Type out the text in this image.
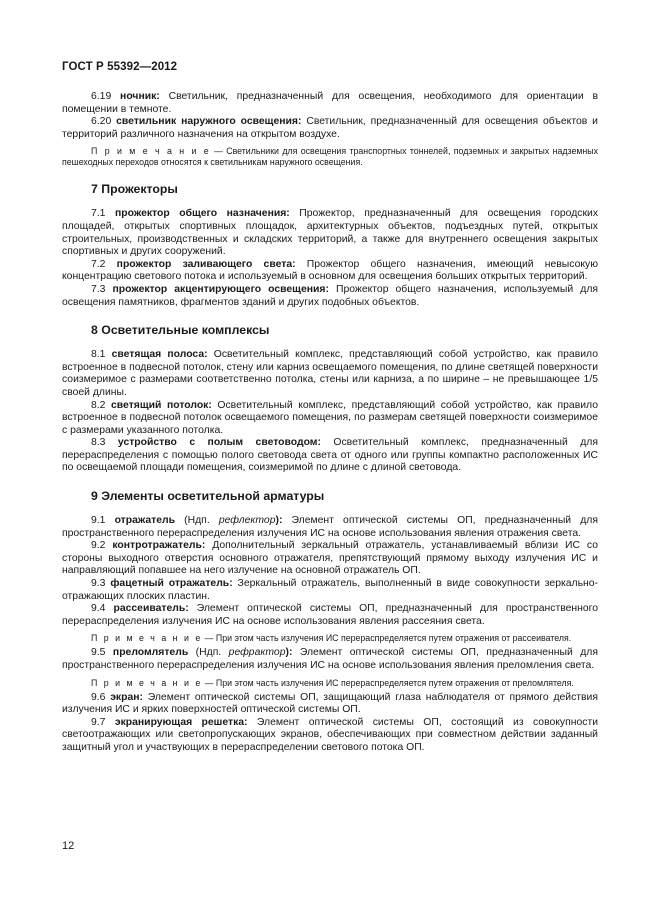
ГОСТ Р 55392—2012

6.19 ночник: Светильник, предназначенный для освещения, необходимого для ориентации в помещении в темноте.

6.20 светильник наружного освещения: Светильник, предназначенный для освещения объектов и территорий различного назначения на открытом воздухе.

П р и м е ч а н и е — Светильники для освещения транспортных тоннелей, подземных и закрытых надземных пешеходных переходов относятся к светильникам наружного освещения.

7 Прожекторы

7.1 прожектор общего назначения: Прожектор, предназначенный для освещения городских площадей, открытых спортивных площадок, архитектурных объектов, подъездных путей, открытых строительных, производственных и складских территорий, а также для внутреннего освещения закрытых спортивных и других сооружений.

7.2 прожектор заливающего света: Прожектор общего назначения, имеющий невысокую концентрацию светового потока и используемый в основном для освещения больших открытых территорий.

7.3 прожектор акцентирующего освещения: Прожектор общего назначения, используемый для освещения памятников, фрагментов зданий и других подобных объектов.

8 Осветительные комплексы

8.1 светящая полоса: Осветительный комплекс, представляющий собой устройство, как правило встроенное в подвесной потолок, стену или карниз освещаемого помещения, по длине светящей поверхности соизмеримое с размерами соответственно потолка, стены или карниза, а по ширине – не превышающее 1/5 своей длины.

8.2 светящий потолок: Осветительный комплекс, представляющий собой устройство, как правило встроенное в подвесной потолок освещаемого помещения, по размерам светящей поверхности соизмеримое с размерами указанного потолка.

8.3 устройство с полым световодом: Осветительный комплекс, предназначенный для перераспределения с помощью полого световода света от одного или группы компактно расположенных ИС по освещаемой площади помещения, соизмеримой по длине с длиной световода.

9 Элементы осветительной арматуры

9.1 отражатель (Ндп. рефлектор): Элемент оптической системы ОП, предназначенный для пространственного перераспределения излучения ИС на основе использования явления отражения света.

9.2 контротражатель: Дополнительный зеркальный отражатель, устанавливаемый вблизи ИС со стороны выходного отверстия основного отражателя, препятствующий прямому выходу излучения ИС и направляющий попавшее на него излучение на основной отражатель ОП.

9.3 фацетный отражатель: Зеркальный отражатель, выполненный в виде совокупности зеркально-отражающих плоских пластин.

9.4 рассеиватель: Элемент оптической системы ОП, предназначенный для пространственного перераспределения излучения ИС на основе использования явления рассеяния света.

П р и м е ч а н и е — При этом часть излучения ИС перераспределяется путем отражения от рассеивателя.

9.5 преломлятель (Ндп. рефрактор): Элемент оптической системы ОП, предназначенный для пространственного перераспределения излучения ИС на основе использования явления преломления света.

П р и м е ч а н и е — При этом часть излучения ИС перераспределяется путем отражения от преломлятеля.

9.6 экран: Элемент оптической системы ОП, защищающий глаза наблюдателя от прямого действия излучения ИС и ярких поверхностей оптической системы ОП.

9.7 экранирующая решетка: Элемент оптической системы ОП, состоящий из совокупности светоотражающих или светопропускающих экранов, обеспечивающих при совместном действии заданный защитный угол и участвующих в перераспределении светового потока ОП.

12
